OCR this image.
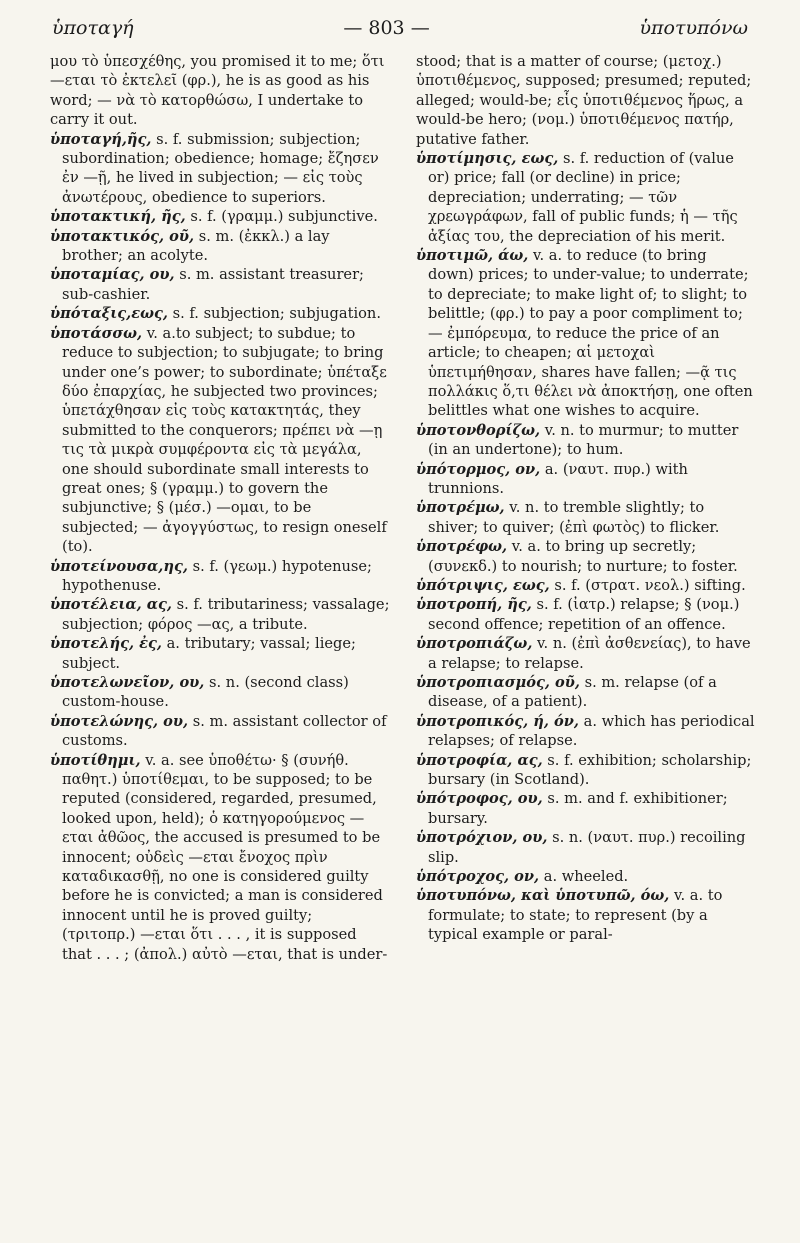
ὑποταγή	— 803 —	ὑποτυπόνω

μου τὸ ὑπεσχέθης, you promised it to me; ὅτι —εται τὸ ἐκτελεῖ (φρ.), he is as good as his word; — νὰ τὸ κατορθώσω, I undertake to carry it out.

ὑποταγή,ῆς, s. f. submission; subjection; subordination; obedience; homage; ἔζησεν ἐν —ῇ, he lived in subjection; — εἰς τοὺς ἀνωτέρους, obedience to superiors.

ὑποτακτική, ῆς, s. f. (γραμμ.) subjunctive.

ὑποτακτικός, οῦ, s. m. (ἐκκλ.) a lay brother; an acolyte.

ὑποταμίας, ου, s. m. assistant treasurer; sub-cashier.

ὑπόταξις,εως, s. f. subjection; subjugation.

ὑποτάσσω, v. a.to subject; to subdue; to reduce to subjection; to subjugate; to bring under one’s power; to subordinate; ὑπέταξε δύο ἐπαρχίας, he subjected two provinces; ὑπετάχθησαν εἰς τοὺς κατακτητάς, they submitted to the conquerors; πρέπει νὰ —ῃ τις τὰ μικρὰ συμφέροντα εἰς τὰ μεγάλα, one should subordinate small interests to great ones; § (γραμμ.) to govern the subjunctive; § (μέσ.) —ομαι, to be subjected; — ἀγογγύστως, to resign oneself (to).

ὑποτείνουσα,ης, s. f. (γεωμ.) hypotenuse; hypothenuse.

ὑποτέλεια, ας, s. f. tributariness; vassalage; subjection; φόρος —ας, a tribute.

ὑποτελής, ἐς, a. tributary; vassal; liege; subject.

ὑποτελωνεῖον, ου, s. n. (second class) custom-house.

ὑποτελώνης, ου, s. m. assistant collector of customs.

ὑποτίθημι, v. a. see ὑποθέτω· § (συνήθ. παθητ.) ὑποτίθεμαι, to be supposed; to be reputed (considered, regarded, presumed, looked upon, held); ὁ κατηγορούμενος —εται ἀθῶος, the accused is presumed to be innocent; οὐδεὶς —εται ἔνοχος πρὶν καταδικασθῇ, no one is considered guilty before he is convicted; a man is considered innocent until he is proved guilty; (τριτοπρ.) —εται ὅτι . . . , it is supposed that . . . ; (ἀπολ.) αὐτὸ —εται, that is under-

stood; that is a matter of course; (μετοχ.) ὑποτιθέμενος, supposed; presumed; reputed; alleged; would-be; εἷς ὑποτιθέμενος ἥρως, a would-be hero; (νομ.) ὑποτιθέμενος πατήρ, putative father.

ὑποτίμησις, εως, s. f. reduction of (value or) price; fall (or decline) in price; depreciation; underrating; — τῶν χρεωγράφων, fall of public funds; ἡ — τῆς ἀξίας του, the depreciation of his merit.

ὑποτιμῶ, άω, v. a. to reduce (to bring down) prices; to under-value; to underrate; to depreciate; to make light of; to slight; to belittle; (φρ.) to pay a poor compliment to; — ἐμπόρευμα, to reduce the price of an article; to cheapen; αἱ μετοχαὶ ὑπετιμήθησαν, shares have fallen; —ᾷ τις πολλάκις ὅ,τι θέλει νὰ ἀποκτήσῃ, one often belittles what one wishes to acquire.

ὑποτονθορίζω, v. n. to murmur; to mutter (in an undertone); to hum.

ὑπότορμος, ον, a. (ναυτ. πυρ.) with trunnions.

ὑποτρέμω, v. n. to tremble slightly; to shiver; to quiver; (ἐπὶ φωτὸς) to flicker.

ὑποτρέφω, v. a. to bring up secretly; (συνεκδ.) to nourish; to nurture; to foster.

ὑπότριψις, εως, s. f. (στρατ. νεολ.) sifting.

ὑποτροπή, ῆς, s. f. (ἰατρ.) relapse; § (νομ.) second offence; repetition of an offence.

ὑποτροπιάζω, v. n. (ἐπὶ ἀσθενείας), to have a relapse; to relapse.

ὑποτροπιασμός, οῦ, s. m. relapse (of a disease, of a patient).

ὑποτροπικός, ή, όν, a. which has periodical relapses; of relapse.

ὑποτροφία, ας, s. f. exhibition; scholarship; bursary (in Scotland).

ὑπότροφος, ου, s. m. and f. exhibitioner; bursary.

ὑποτρόχιον, ου, s. n. (ναυτ. πυρ.) recoiling slip.

ὑπότροχος, ον, a. wheeled.

ὑποτυπόνω, καὶ ὑποτυπῶ, όω, v. a. to formulate; to state; to represent (by a typical example or paral-
